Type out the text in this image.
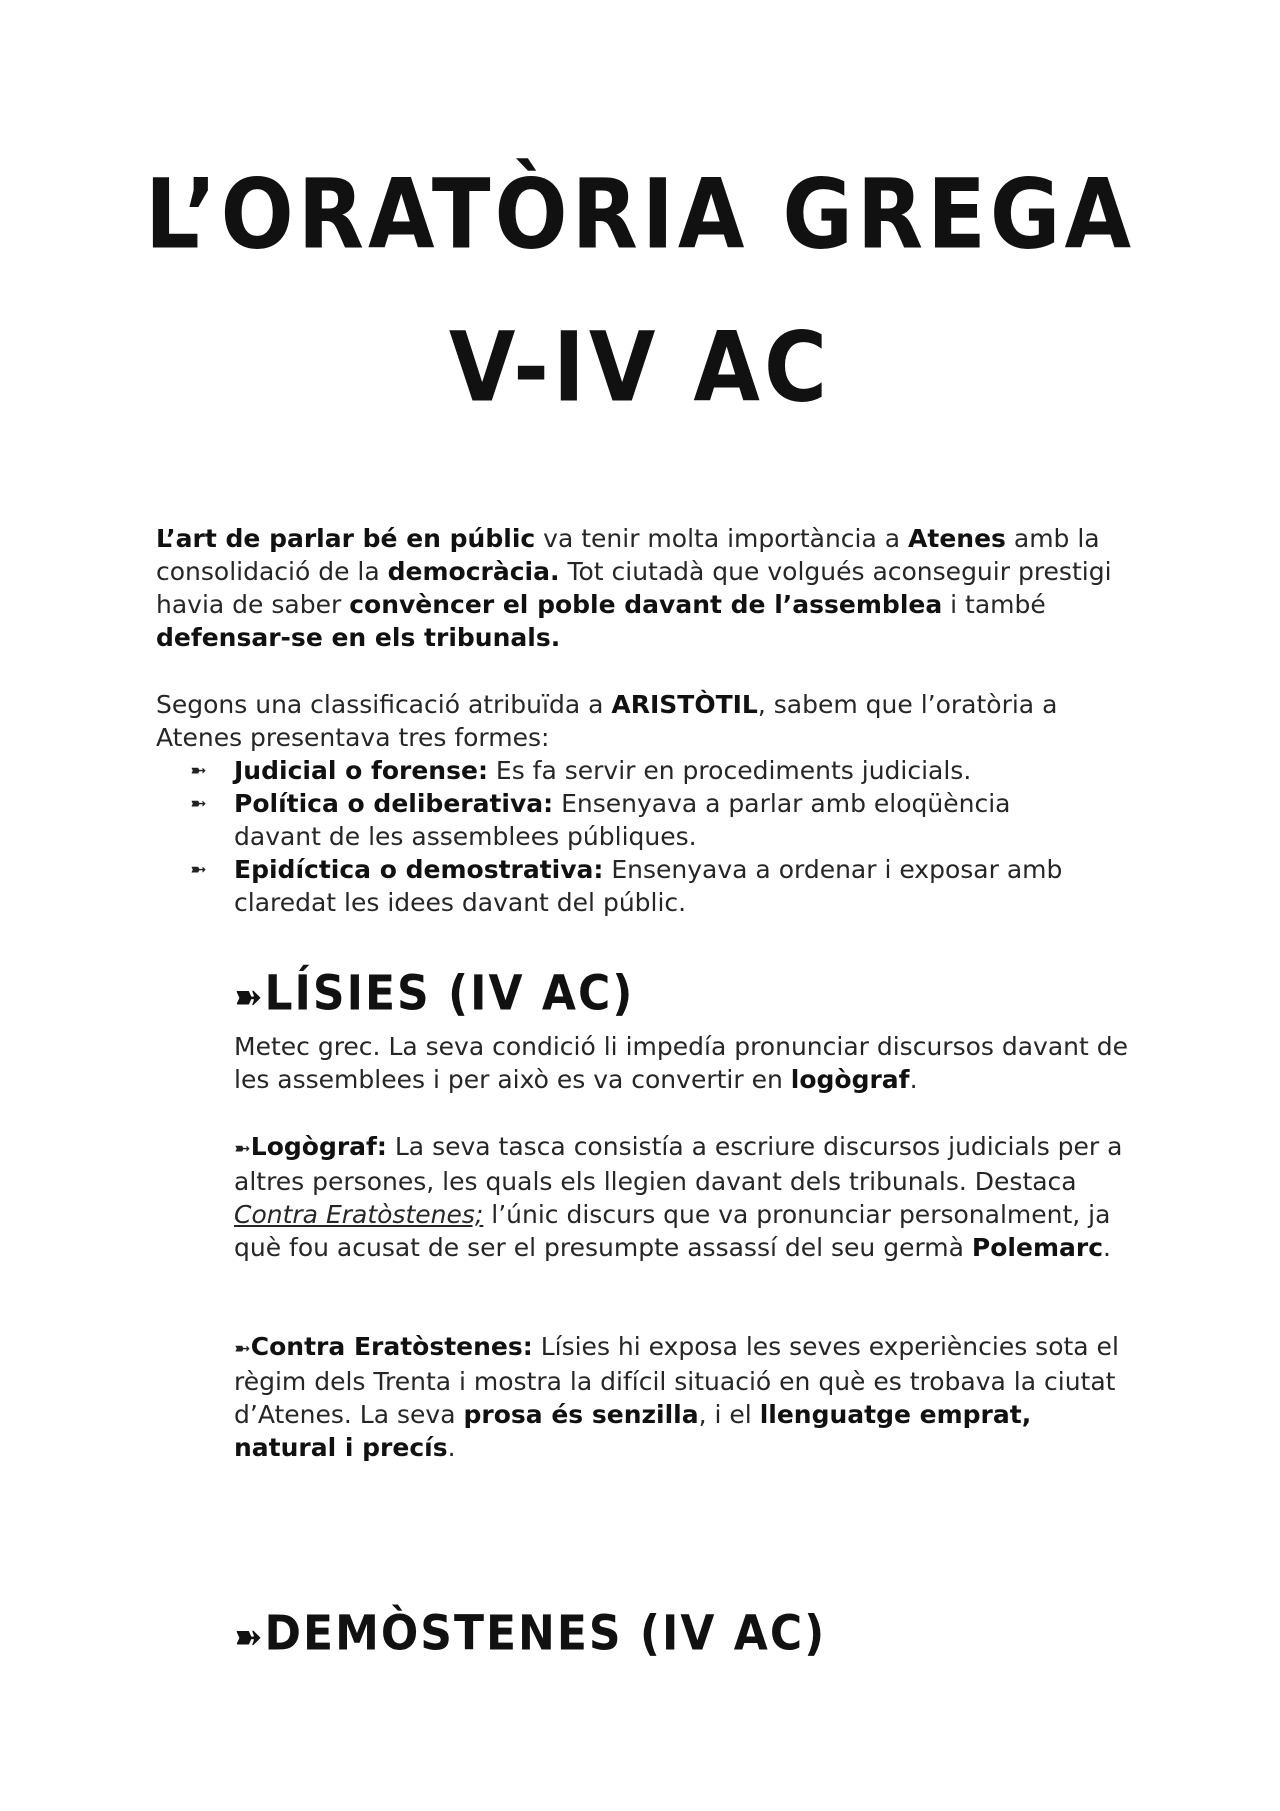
L’ORATÒRIA GREGA
V-IV AC
L’art de parlar bé en públic va tenir molta importància a Atenes amb la consolidació de la democràcia. Tot ciutadà que volgués aconseguir prestigi havia de saber convèncer el poble davant de l’assemblea i també defensar-se en els tribunals.
Segons una classificació atribuïda a ARISTÒTIL, sabem que l’oratòria a Atenes presentava tres formes:
➼ Judicial o forense: Es fa servir en procediments judicials.
➼ Política o deliberativa: Ensenyava a parlar amb eloqüència davant de les assemblees públiques.
➼ Epidíctica o demostrativa: Ensenyava a ordenar i exposar amb claredat les idees davant del públic.
➽LÍSIES (IV AC)
Metec grec. La seva condició li impedía pronunciar discursos davant de les assemblees i per això es va convertir en logògraf.
➼Logògraf: La seva tasca consistía a escriure discursos judicials per a altres persones, les quals els llegien davant dels tribunals. Destaca Contra Eratòstenes; l’únic discurs que va pronunciar personalment, ja què fou acusat de ser el presumpte assassí del seu germà Polemarc.
➼Contra Eratòstenes: Lísies hi exposa les seves experiències sota el règim dels Trenta i mostra la difícil situació en què es trobava la ciutat d’Atenes. La seva prosa és senzilla, i el llenguatge emprat, natural i precís.
➽DEMÒSTENES (IV AC)
